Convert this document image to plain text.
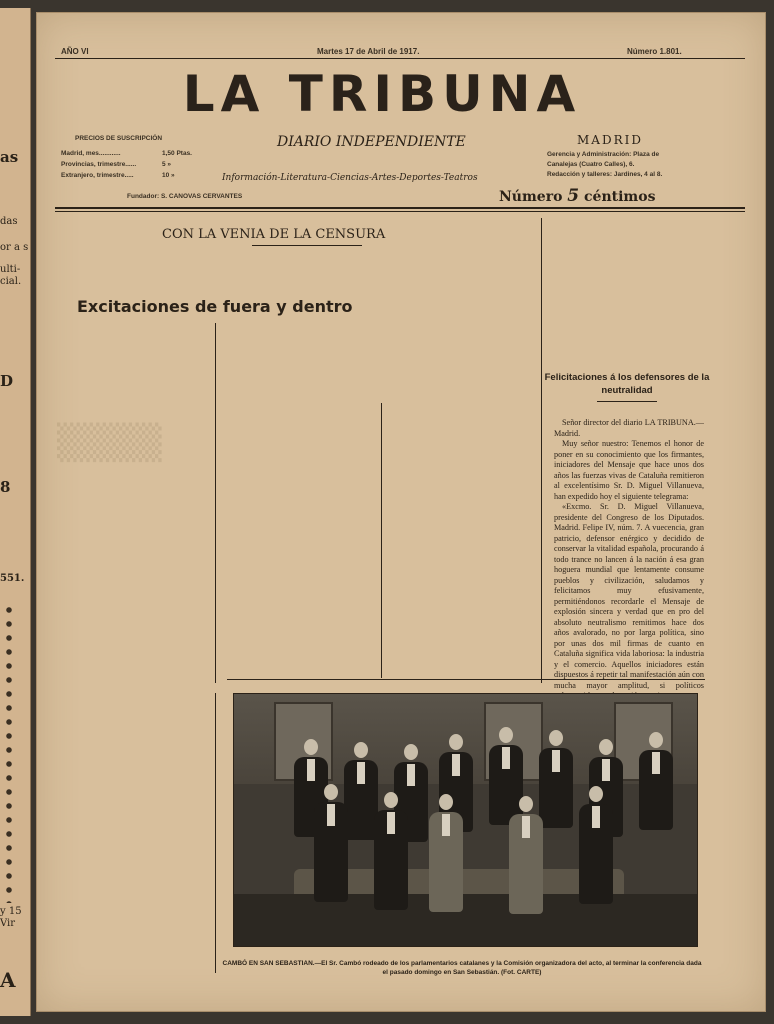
as
das
or a s
ulti-
cial.
D
8
551.
y 15
Vir
A
▒▒▒▒
AÑO VI	Martes 17 de Abril de 1917.	Número 1.801.
LA TRIBUNA
PRECIOS DE SUSCRIPCIÓN
Madrid, mes............	1,50 Ptas.
Provincias, trimestre......	5 »
Extranjero, trimestre.....	10 »
Fundador: S. CANOVAS CERVANTES
DIARIO INDEPENDIENTE
Información-Literatura-Ciencias-Artes-Deportes-Teatros
MADRID
Gerencia y Administración: Plaza de
Canalejas (Cuatro Calles), 6.
Redacción y talleres: Jardines, 4 al 8.
Número 5 céntimos
CON LA VENIA DE LA CENSURA
Excitaciones de fuera y dentro
Felicitaciones á los defensores de la neutralidad

Señor director del diario LA TRIBUNA.—Madrid.

Muy señor nuestro: Tenemos el honor de poner en su conocimiento que los firmantes, iniciadores del Mensaje que hace unos dos años las fuerzas vivas de Cataluña remitieron al excelentísimo Sr. D. Miguel Villanueva, han expedido hoy el siguiente telegrama:

«Excmo. Sr. D. Miguel Villanueva, presidente del Congreso de los Diputados. Madrid. Felipe IV, núm. 7. A vuecencia, gran patricio, defensor enérgico y decidido de conservar la vitalidad española, procurando á todo trance no lancen á la nación á esa gran hoguera mundial que lentamente consume pueblos y civilización, saludamos y felicitamos muy efusivamente, permitiéndonos recordarle el Mensaje de explosión sincera y verdad que en pro del absoluto neutralismo remitimos hace dos años avalorado, no por larga política, sino por unas dos mil firmas de cuanto en Cataluña significa vida laboriosa: la industria y el comercio. Aquellos iniciadores están dispuestos á repetir tal manifestación aún con mucha mayor amplitud, si políticos

CAMBÓ EN SAN SEBASTIAN.—El Sr. Cambó rodeado de los parlamentarios catalanes y la Comisión organizadora del acto, al terminar la conferencia dada el pasado domingo en San Sebastián. (Fot. CARTE)
